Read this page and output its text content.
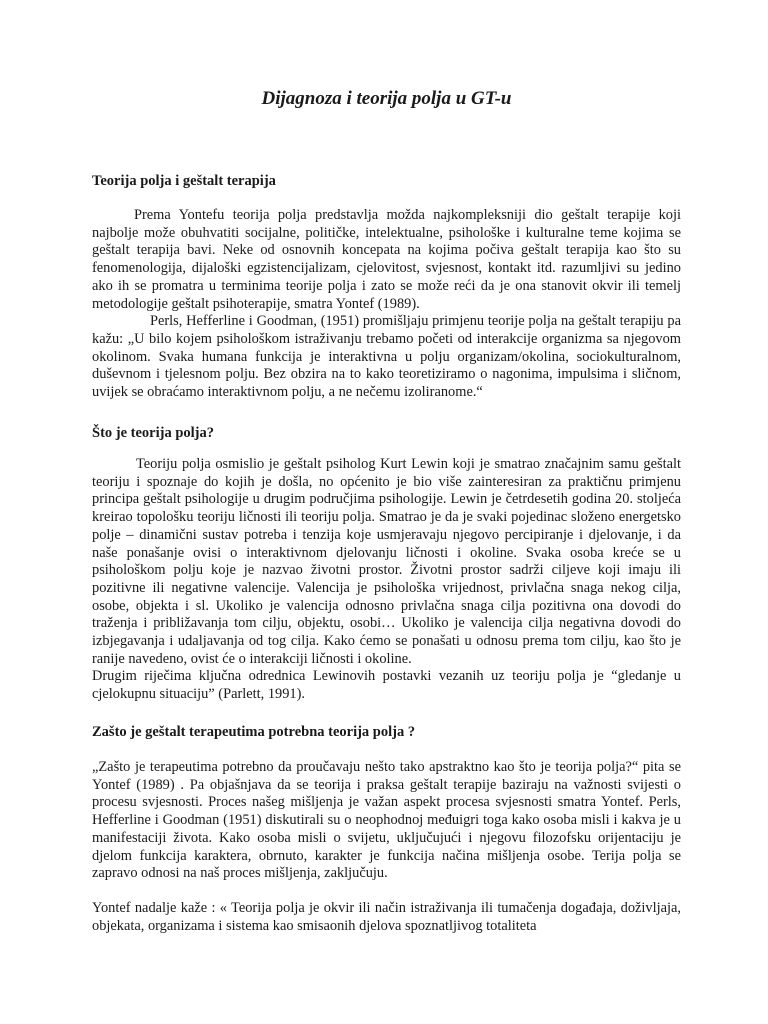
Dijagnoza i teorija polja u GT-u
Teorija polja i geštalt terapija

Prema Yontefu teorija polja predstavlja možda najkompleksniji dio geštalt terapije koji najbolje može obuhvatiti socijalne, političke, intelektualne, psihološke i kulturalne teme kojima se geštalt terapija bavi. Neke od osnovnih koncepata na kojima počiva geštalt terapija kao što su fenomenologija, dijaloški egzistencijalizam, cjelovitost, svjesnost, kontakt itd. razumljivi su jedino ako ih se promatra u terminima teorije polja i zato se može reći da je ona stanovit okvir ili temelj metodologije geštalt psihoterapije, smatra Yontef (1989).

Perls, Hefferline i Goodman, (1951) promišljaju primjenu teorije polja na geštalt terapiju pa kažu: „U bilo kojem psihološkom istraživanju trebamo početi od interakcije organizma sa njegovom okolinom. Svaka humana funkcija je interaktivna u polju organizam/okolina, sociokulturalnom, duševnom i tjelesnom polju. Bez obzira na to kako teoretiziramo o nagonima, impulsima i sličnom, uvijek se obraćamo interaktivnom polju, a ne nečemu izoliranome.“

Što je teorija polja?

Teoriju polja osmislio je geštalt psiholog Kurt Lewin koji je smatrao značajnim samu geštalt teoriju i spoznaje do kojih je došla, no općenito je bio više zainteresiran za praktičnu primjenu principa geštalt psihologije u drugim područjima psihologije. Lewin je četrdesetih godina 20. stoljeća kreirao topološku teoriju ličnosti ili teoriju polja. Smatrao je da je svaki pojedinac složeno energetsko polje – dinamični sustav potreba i tenzija koje usmjeravaju njegovo percipiranje i djelovanje, i da naše ponašanje ovisi o interaktivnom djelovanju ličnosti i okoline. Svaka osoba kreće se u psihološkom polju koje je nazvao životni prostor. Životni prostor sadrži ciljeve koji imaju ili pozitivne ili negativne valencije. Valencija je psihološka vrijednost, privlačna snaga nekog cilja, osobe, objekta i sl. Ukoliko je valencija odnosno privlačna snaga cilja pozitivna ona dovodi do traženja i približavanja tom cilju, objektu, osobi… Ukoliko je valencija cilja negativna dovodi do izbjegavanja i udaljavanja od tog cilja. Kako ćemo se ponašati u odnosu prema tom cilju, kao što je ranije navedeno, ovist će o interakciji ličnosti i okoline.

Drugim riječima ključna odrednica Lewinovih postavki vezanih uz teoriju polja je “gledanje u cjelokupnu situaciju” (Parlett, 1991).

Zašto je geštalt terapeutima potrebna teorija polja ?

„Zašto je terapeutima potrebno da proučavaju nešto tako apstraktno kao što je teorija polja?“ pita se Yontef (1989) . Pa objašnjava da se teorija i praksa geštalt terapije baziraju na važnosti svijesti o procesu svjesnosti. Proces našeg mišljenja je važan aspekt procesa svjesnosti smatra Yontef. Perls, Hefferline i Goodman (1951) diskutirali su o neophodnoj međuigri toga kako osoba misli i kakva je u manifestaciji života. Kako osoba misli o svijetu, uključujući i njegovu filozofsku orijentaciju je djelom funkcija karaktera, obrnuto, karakter je funkcija načina mišljenja osobe. Terija polja se zapravo odnosi na naš proces mišljenja, zaključuju.

Yontef nadalje kaže : « Teorija polja je okvir ili način istraživanja ili tumačenja događaja, doživljaja, objekata, organizama i sistema kao smisaonih djelova spoznatljivog totaliteta
